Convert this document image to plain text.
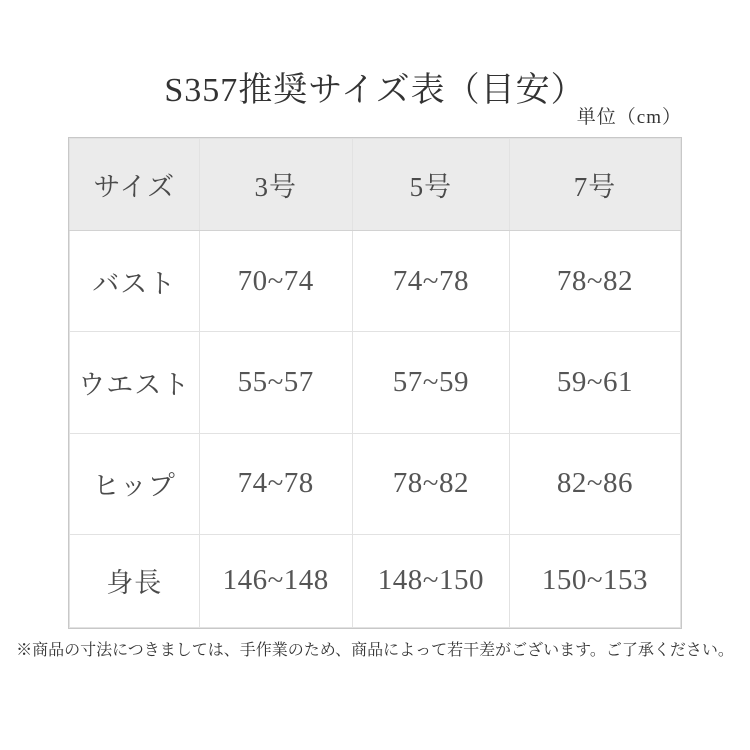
S357推奨サイズ表（目安）
単位（cm）
サイズ	3号	5号	7号
バスト	70~74	74~78	78~82
ウエスト	55~57	57~59	59~61
ヒップ	74~78	78~82	82~86
身長	146~148	148~150	150~153

※商品の寸法につきましては、手作業のため、商品によって若干差がございます。ご了承ください。
